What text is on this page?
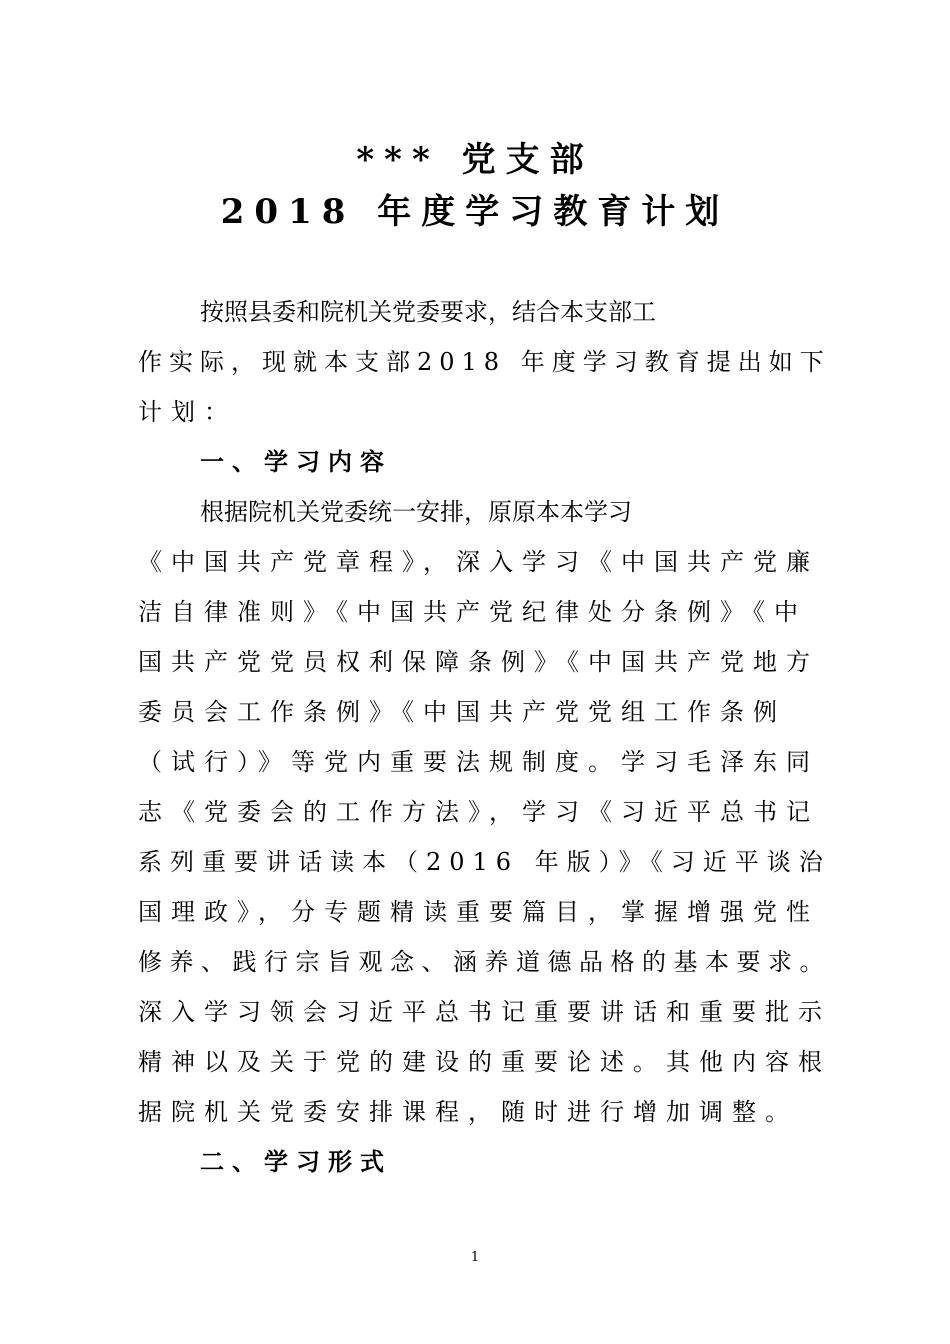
*** 党支部
2018 年度学习教育计划
按照县委和院机关党委要求，结合本支部工
作实际，现就本支部2018 年度学习教育提出如下
计划：
一、学习内容
根据院机关党委统一安排，原原本本学习
《中国共产党章程》，深入学习《中国共产党廉
洁自律准则》《中国共产党纪律处分条例》《中
国共产党党员权利保障条例》《中国共产党地方
委员会工作条例》《中国共产党党组工作条例
（试行）》等党内重要法规制度。学习毛泽东同
志《党委会的工作方法》，学习《习近平总书记
系列重要讲话读本（2016 年版）》《习近平谈治
国理政》，分专题精读重要篇目，掌握增强党性
修养、践行宗旨观念、涵养道德品格的基本要求。
深入学习领会习近平总书记重要讲话和重要批示
精神以及关于党的建设的重要论述。其他内容根
据院机关党委安排课程，随时进行增加调整。
二、学习形式
1
